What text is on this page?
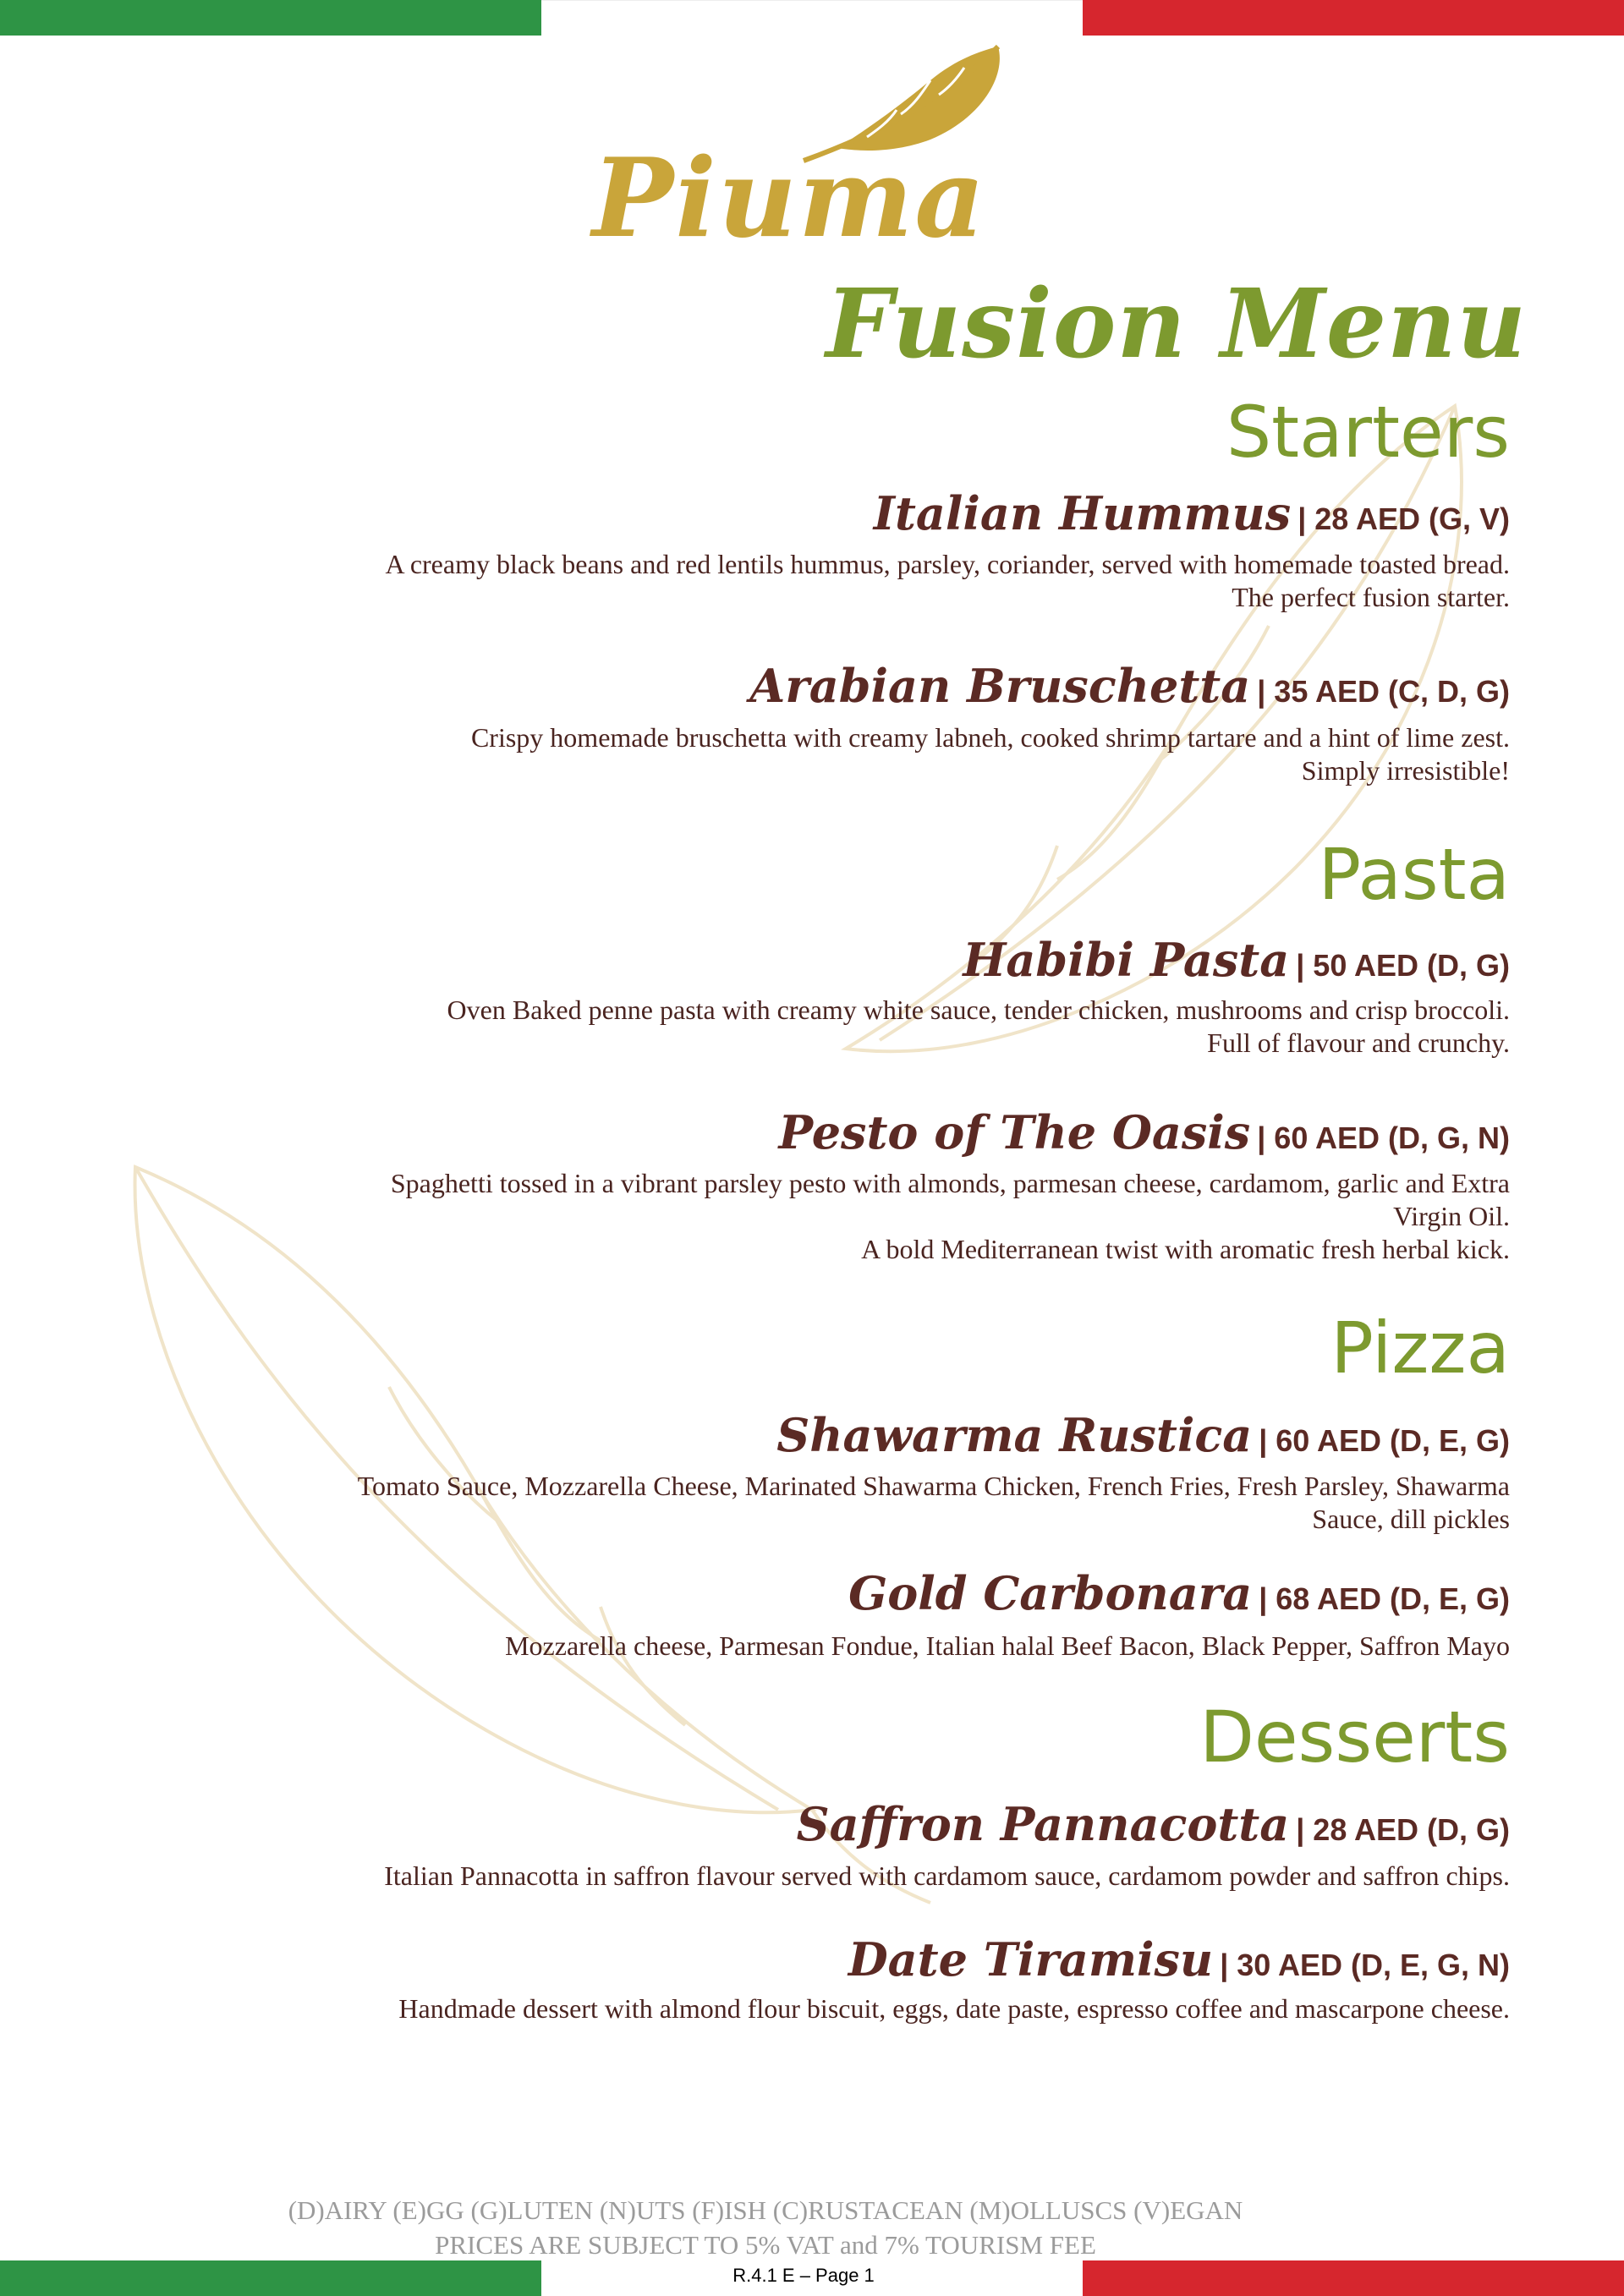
Piuma
Fusion Menu
Starters
Italian Hummus | 28 AED (G, V)
A creamy black beans and red lentils hummus, parsley, coriander, served with homemade toasted bread.
The perfect fusion starter.
Arabian Bruschetta | 35 AED (C, D, G)
Crispy homemade bruschetta with creamy labneh, cooked shrimp tartare and a hint of lime zest.
Simply irresistible!
Pasta
Habibi Pasta | 50 AED (D, G)
Oven Baked penne pasta with creamy white sauce, tender chicken, mushrooms and crisp broccoli.
Full of flavour and crunchy.
Pesto of The Oasis | 60 AED (D, G, N)
Spaghetti tossed in a vibrant parsley pesto with almonds, parmesan cheese, cardamom, garlic and Extra
Virgin Oil.
A bold Mediterranean twist with aromatic fresh herbal kick.
Pizza
Shawarma Rustica | 60 AED (D, E, G)
Tomato Sauce, Mozzarella Cheese, Marinated Shawarma Chicken, French Fries, Fresh Parsley, Shawarma
Sauce, dill pickles
Gold Carbonara | 68 AED (D, E, G)
Mozzarella cheese, Parmesan Fondue, Italian halal Beef Bacon, Black Pepper, Saffron Mayo
Desserts
Saffron Pannacotta | 28 AED (D, G)
Italian Pannacotta in saffron flavour served with cardamom sauce, cardamom powder and saffron chips.
Date Tiramisu | 30 AED (D, E, G, N)
Handmade dessert with almond flour biscuit, eggs, date paste, espresso coffee and mascarpone cheese.
(D)AIRY (E)GG (G)LUTEN (N)UTS (F)ISH (C)RUSTACEAN (M)OLLUSCS (V)EGAN
PRICES ARE SUBJECT TO 5% VAT and 7% TOURISM FEE
R.4.1 E – Page 1
